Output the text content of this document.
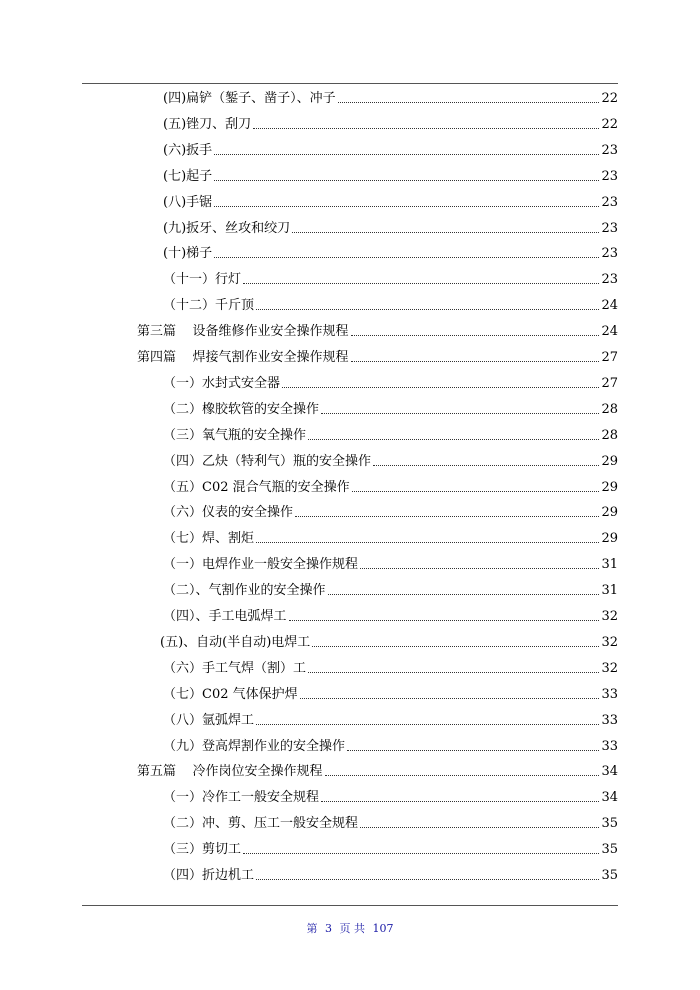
(四)扁铲（錾子、凿子）、冲子	22
(五)锉刀、刮刀	22
(六)扳手	23
(七)起子	23
(八)手锯	23
(九)扳牙、丝攻和绞刀	23
(十)梯子	23
（十一）行灯	23
（十二）千斤顶	24
第三篇    设备维修作业安全操作规程	24
第四篇    焊接气割作业安全操作规程	27
（一）水封式安全器	27
（二）橡胶软管的安全操作	28
（三）氧气瓶的安全操作	28
（四）乙炔（特利气）瓶的安全操作	29
（五）C02 混合气瓶的安全操作	29
（六）仪表的安全操作	29
（七）焊、割炬	29
（一）电焊作业一般安全操作规程	31
（二）、气割作业的安全操作	31
（四）、手工电弧焊工	32
(五)、自动(半自动)电焊工	32
（六）手工气焊（割）工	32
（七）C02 气体保护焊	33
（八）氩弧焊工	33
（九）登高焊割作业的安全操作	33
第五篇    冷作岗位安全操作规程	34
（一）冷作工一般安全规程	34
（二）冲、剪、压工一般安全规程	35
（三）剪切工	35
（四）折边机工	35
第 3 页 共 107
